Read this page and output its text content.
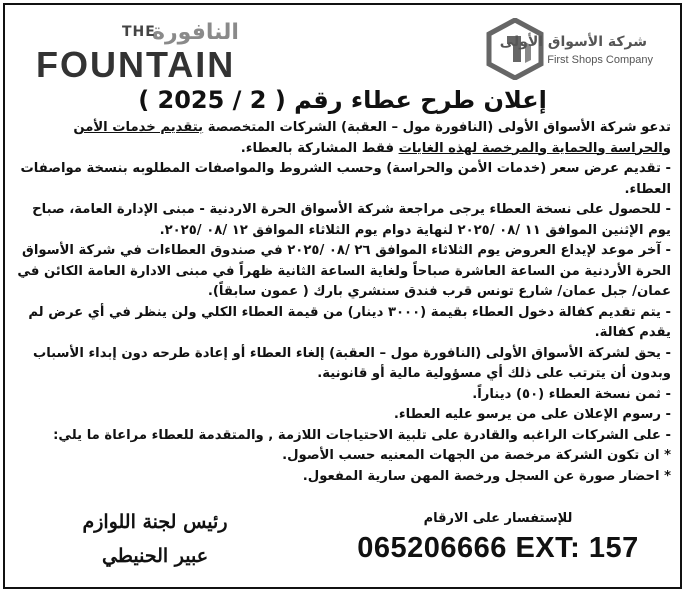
النافورة
THE
FOUNTAIN
شركة الأسواق الأولى
First Shops Company
إعلان طرح عطاء رقم ( 2 / 2025 )

تدعو شركة الأسواق الأولى (النافورة مول – العقبة) الشركات المتخصصة بتقديم خدمات الأمن والحراسة والحماية والمرخصة لهذه الغايات فقط المشاركة بالعطاء.

- تقديم عرض سعر (خدمات الأمن والحراسة) وحسب الشروط والمواصفات المطلوبه بنسخة مواصفات العطاء.

- للحصول على نسخة العطاء يرجى مراجعة شركة الأسواق الحرة الاردنية - مبنى الإدارة العامة، صباح يوم الإثنين الموافق ١١ /٠٨ /٢٠٢٥ لنهاية دوام يوم الثلاثاء الموافق ١٢ /٠٨ /٢٠٢٥.

- آخر موعد لإيداع العروض يوم الثلاثاء الموافق ٢٦ /٠٨ /٢٠٢٥ في صندوق العطاءات في شركة الأسواق الحرة الأردنية من الساعة العاشرة صباحاً ولغاية الساعة الثانية ظهراً في مبنى الادارة العامة الكائن في عمان/ جبل عمان/ شارع تونس قرب فندق سنشري بارك ( عمون سابقاً).

- يتم تقديم كفالة دخول العطاء بقيمة (٣٠٠٠ دينار) من قيمة العطاء الكلي ولن ينظر في أي عرض لم يقدم كفالة.

- يحق لشركة الأسواق الأولى (النافورة مول – العقبة) إلغاء العطاء أو إعادة طرحه دون إبداء الأسباب وبدون أن يترتب على ذلك أي مسؤولية مالية أو قانونية.

- ثمن نسخة العطاء (٥٠) ديناراً.

- رسوم الإعلان على من يرسو عليه العطاء.

- على الشركات الراغبه والقادرة على تلبية الاحتياجات اللازمة , والمتقدمة للعطاء مراعاة ما يلي:

* ان تكون الشركة مرخصة من الجهات المعنيه حسب الأصول.

* احضار صورة عن السجل ورخصة المهن سارية المفعول.

رئيس لجنة اللوازم
عبير الحنيطي
للإستفسار على الارقام
065206666 EXT: 157
